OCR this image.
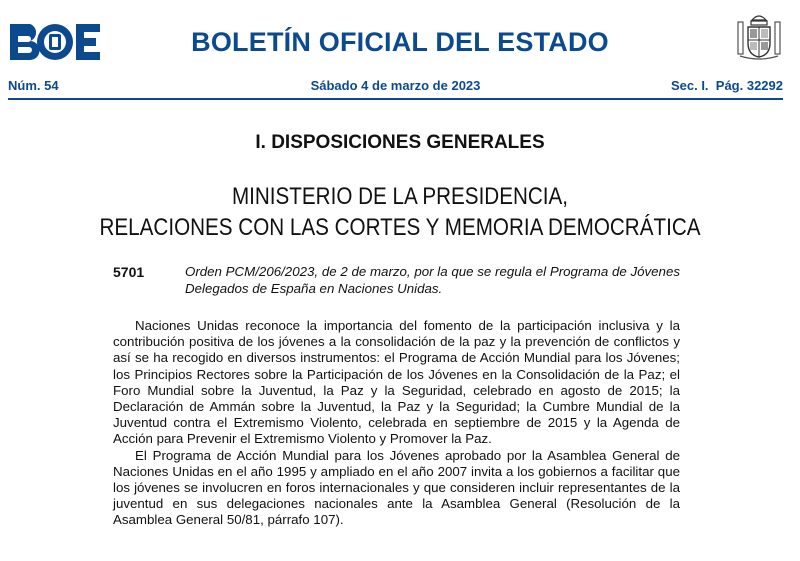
BOLETÍN OFICIAL DEL ESTADO
Núm. 54	Sábado 4 de marzo de 2023	Sec. I.  Pág. 32292
I. DISPOSICIONES GENERALES
MINISTERIO DE LA PRESIDENCIA,
RELACIONES CON LAS CORTES Y MEMORIA DEMOCRÁTICA
5701	Orden PCM/206/2023, de 2 de marzo, por la que se regula el Programa de Jóvenes Delegados de España en Naciones Unidas.

Naciones Unidas reconoce la importancia del fomento de la participación inclusiva y la contribución positiva de los jóvenes a la consolidación de la paz y la prevención de conflictos y así se ha recogido en diversos instrumentos: el Programa de Acción Mundial para los Jóvenes; los Principios Rectores sobre la Participación de los Jóvenes en la Consolidación de la Paz; el Foro Mundial sobre la Juventud, la Paz y la Seguridad, celebrado en agosto de 2015; la Declaración de Ammán sobre la Juventud, la Paz y la Seguridad; la Cumbre Mundial de la Juventud contra el Extremismo Violento, celebrada en septiembre de 2015 y la Agenda de Acción para Prevenir el Extremismo Violento y Promover la Paz.

El Programa de Acción Mundial para los Jóvenes aprobado por la Asamblea General de Naciones Unidas en el año 1995 y ampliado en el año 2007 invita a los gobiernos a facilitar que los jóvenes se involucren en foros internacionales y que consideren incluir representantes de la juventud en sus delegaciones nacionales ante la Asamblea General (Resolución de la Asamblea General 50/81, párrafo 107).
